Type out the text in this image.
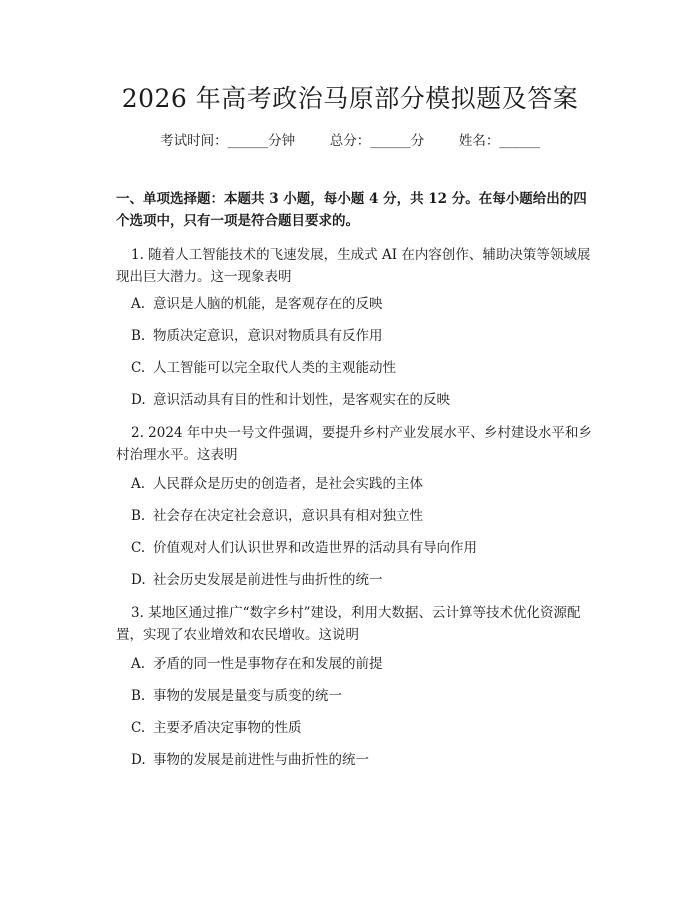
2026 年高考政治马原部分模拟题及答案
考试时间：______分钟	总分：______分	姓名：______
一、单项选择题：本题共 3 小题，每小题 4 分，共 12 分。在每小题给出的四个选项中，只有一项是符合题目要求的。
1. 随着人工智能技术的飞速发展，生成式 AI 在内容创作、辅助决策等领域展现出巨大潜力。这一现象表明
A. 意识是人脑的机能，是客观存在的反映
B. 物质决定意识，意识对物质具有反作用
C. 人工智能可以完全取代人类的主观能动性
D. 意识活动具有目的性和计划性，是客观实在的反映
2. 2024 年中央一号文件强调，要提升乡村产业发展水平、乡村建设水平和乡村治理水平。这表明
A. 人民群众是历史的创造者，是社会实践的主体
B. 社会存在决定社会意识，意识具有相对独立性
C. 价值观对人们认识世界和改造世界的活动具有导向作用
D. 社会历史发展是前进性与曲折性的统一
3. 某地区通过推广“数字乡村”建设，利用大数据、云计算等技术优化资源配置，实现了农业增效和农民增收。这说明
A. 矛盾的同一性是事物存在和发展的前提
B. 事物的发展是量变与质变的统一
C. 主要矛盾决定事物的性质
D. 事物的发展是前进性与曲折性的统一
